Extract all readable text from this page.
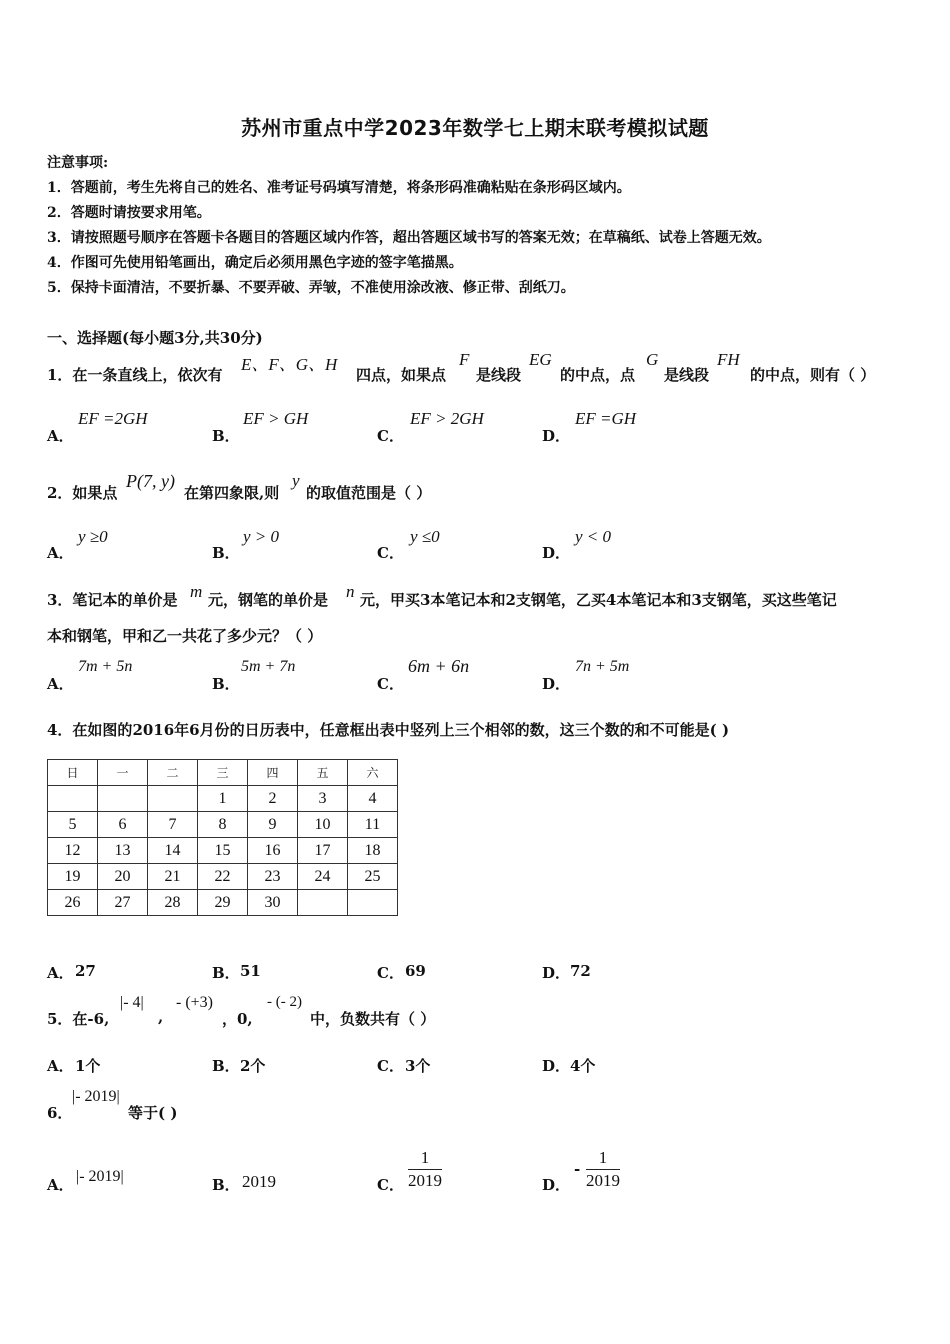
苏州市重点中学2023年数学七上期末联考模拟试题
注意事项:
1．答题前，考生先将自己的姓名、准考证号码填写清楚，将条形码准确粘贴在条形码区域内。
2．答题时请按要求用笔。
3．请按照题号顺序在答题卡各题目的答题区域内作答，超出答题区域书写的答案无效；在草稿纸、试卷上答题无效。
4．作图可先使用铅笔画出，确定后必须用黑色字迹的签字笔描黑。
5．保持卡面清洁，不要折暴、不要弄破、弄皱，不准使用涂改液、修正带、刮纸刀。
一、选择题(每小题3分,共30分)
1．在一条直线上，依次有
E、F、G、H
四点，如果点
F
是线段
EG
的中点，点
G
是线段
FH
的中点，则有（ ）
A．
EF =2GH
B．
EF > GH
C．
EF > 2GH
D．
EF =GH
2．如果点
P(7, y)
在第四象限,则
y
的取值范围是（ ）
A．
y ≥0
B．
y > 0
C．
y ≤0
D．
y < 0
3．笔记本的单价是 m 元，钢笔的单价是 n 元，甲买3本笔记本和2支钢笔，乙买4本笔记本和3支钢笔，买这些笔记
本和钢笔，甲和乙一共花了多少元？（ ）
A．
7m + 5n
B．
5m + 7n
C．
6m + 6n
D．
7n + 5m
4．在如图的2016年6月份的日历表中，任意框出表中竖列上三个相邻的数，这三个数的和不可能是( )
日	一	二	三	四	五	六
			1	2	3	4
5	6	7	8	9	10	11
12	13	14	15	16	17	18
19	20	21	22	23	24	25
26	27	28	29	30		
A． 27	B． 51	C． 69	D． 72
5．在-6,
|- 4|
,
- (+3)
，0,
- (- 2)
中，负数共有（ ）
A． 1个	B． 2个	C． 3个	D． 4个
6．
|- 2019|
等于( )
A． |- 2019|	B． 2019	C． $\frac{1}{2019}$	D．
- $\frac{1}{2019}$
